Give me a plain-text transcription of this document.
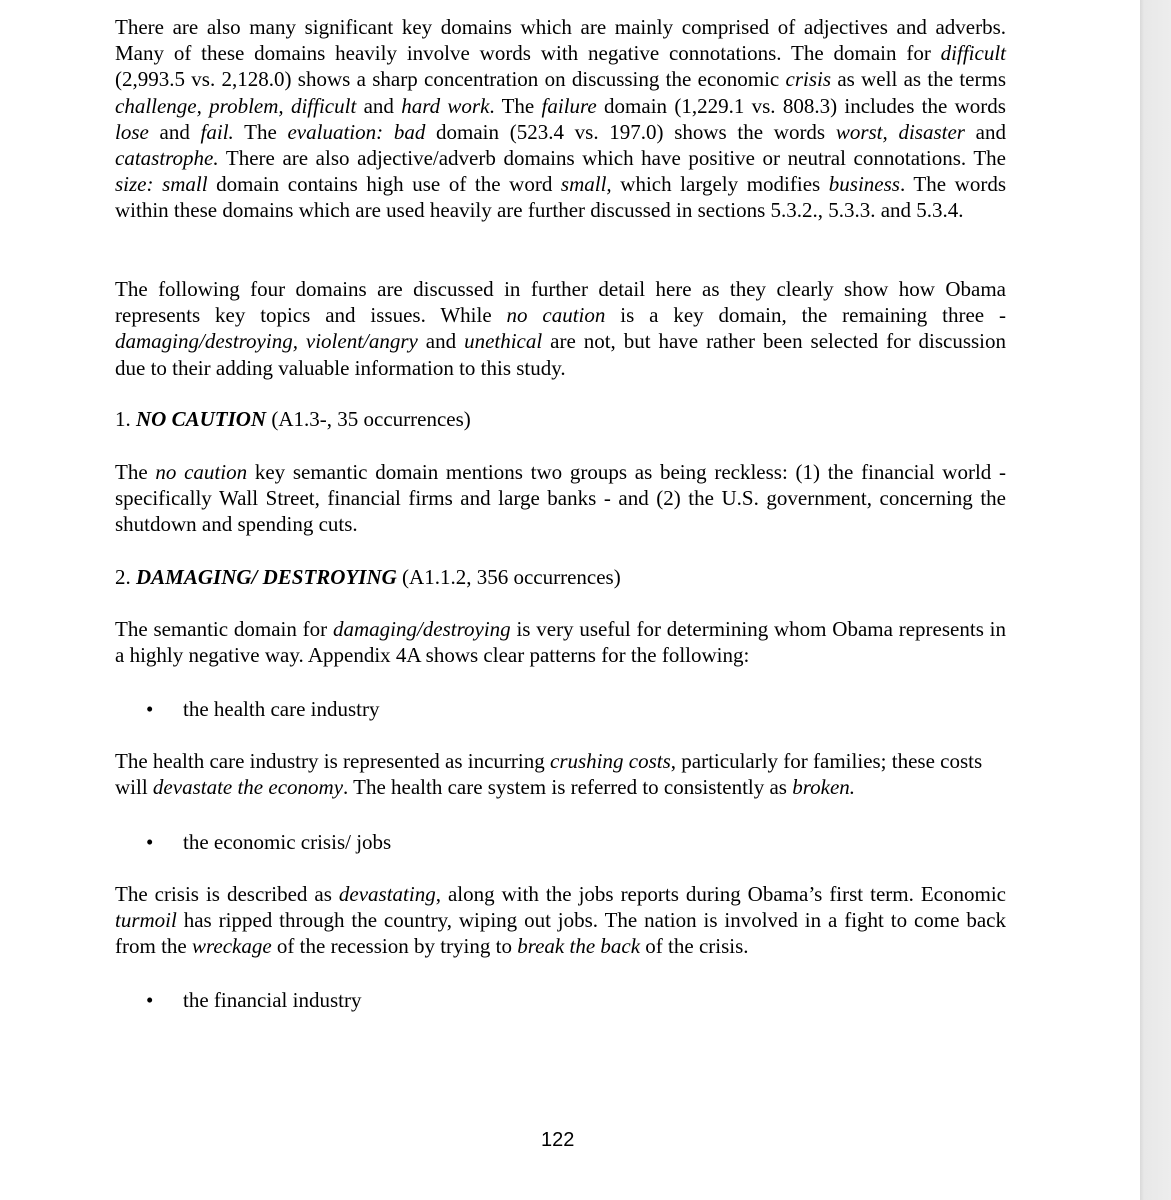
There are also many significant key domains which are mainly comprised of adjectives and adverbs. Many of these domains heavily involve words with negative connotations. The domain for difficult (2,993.5 vs. 2,128.0) shows a sharp concentration on discussing the economic crisis as well as the terms challenge, problem, difficult and hard work. The failure domain (1,229.1 vs. 808.3) includes the words lose and fail. The evaluation: bad domain (523.4 vs. 197.0) shows the words worst, disaster and catastrophe. There are also adjective/adverb domains which have positive or neutral connotations. The size: small domain contains high use of the word small, which largely modifies business. The words within these domains which are used heavily are further discussed in sections 5.3.2., 5.3.3. and 5.3.4.

The following four domains are discussed in further detail here as they clearly show how Obama represents key topics and issues. While no caution is a key domain, the remaining three - damaging/destroying, violent/angry and unethical are not, but have rather been selected for discussion due to their adding valuable information to this study.

1. NO CAUTION (A1.3-, 35 occurrences)

The no caution key semantic domain mentions two groups as being reckless: (1) the financial world - specifically Wall Street, financial firms and large banks - and (2) the U.S. government, concerning the shutdown and spending cuts.

2. DAMAGING/ DESTROYING (A1.1.2, 356 occurrences)

The semantic domain for damaging/destroying is very useful for determining whom Obama represents in a highly negative way. Appendix 4A shows clear patterns for the following:

• the health care industry

The health care industry is represented as incurring crushing costs, particularly for families; these costs will devastate the economy. The health care system is referred to consistently as broken.

• the economic crisis/ jobs

The crisis is described as devastating, along with the jobs reports during Obama’s first term. Economic turmoil has ripped through the country, wiping out jobs. The nation is involved in a fight to come back from the wreckage of the recession by trying to break the back of the crisis.

• the financial industry
122
